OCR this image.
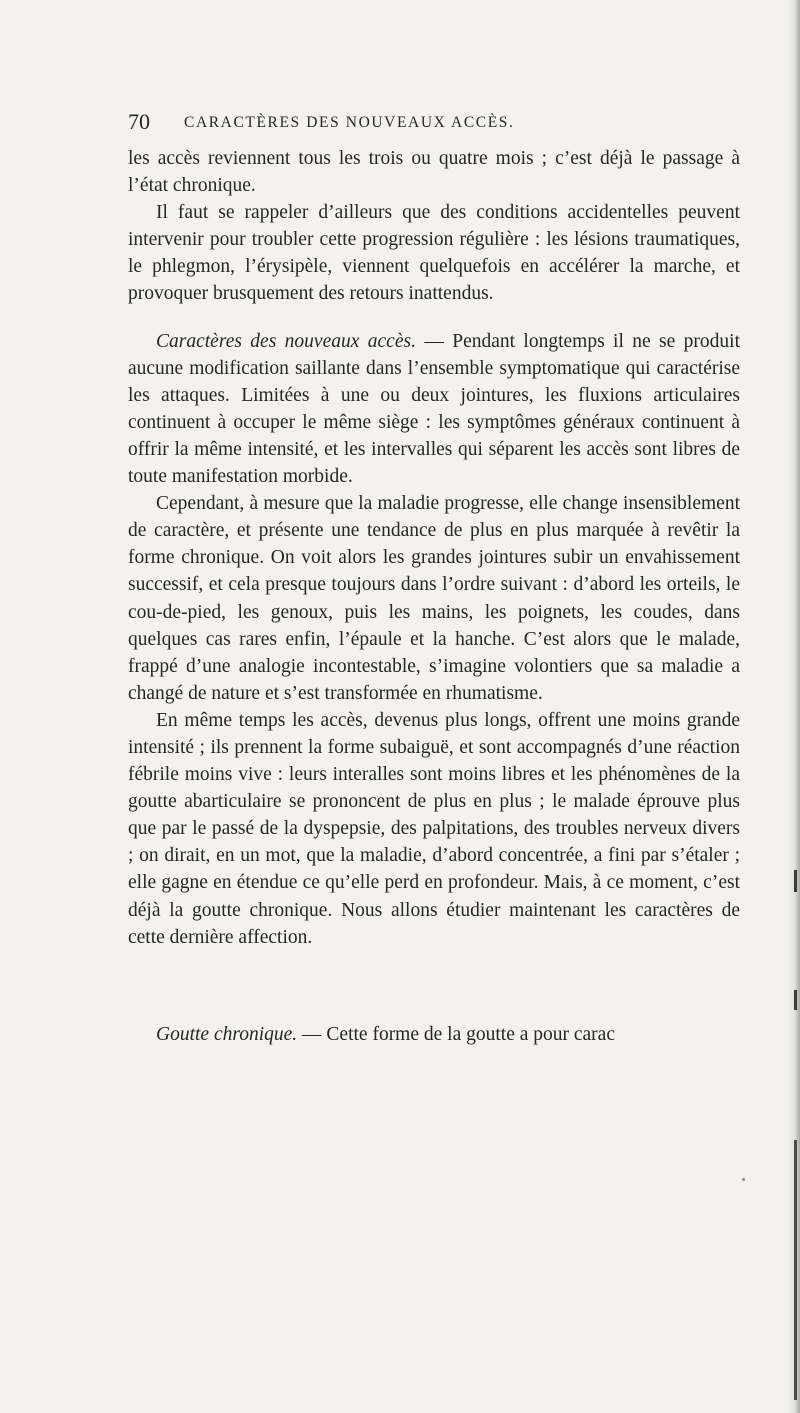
70 CARACTÈRES DES NOUVEAUX ACCÈS.

les accès reviennent tous les trois ou quatre mois ; c’est déjà le passage à l’état chronique.

Il faut se rappeler d’ailleurs que des conditions accidentelles peuvent intervenir pour troubler cette progression régulière : les lésions traumatiques, le phlegmon, l’érysipèle, viennent quelquefois en accélérer la marche, et provoquer brusquement des retours inattendus.

Caractères des nouveaux accès. — Pendant longtemps il ne se produit aucune modification saillante dans l’ensemble symptomatique qui caractérise les attaques. Limitées à une ou deux jointures, les fluxions articulaires continuent à occuper le même siège : les symptômes généraux continuent à offrir la même intensité, et les intervalles qui séparent les accès sont libres de toute manifestation morbide.

Cependant, à mesure que la maladie progresse, elle change insensiblement de caractère, et présente une tendance de plus en plus marquée à revêtir la forme chronique. On voit alors les grandes jointures subir un envahissement successif, et cela presque toujours dans l’ordre suivant : d’abord les orteils, le cou-de-pied, les genoux, puis les mains, les poignets, les coudes, dans quelques cas rares enfin, l’épaule et la hanche. C’est alors que le malade, frappé d’une analogie incontestable, s’imagine volontiers que sa maladie a changé de nature et s’est transformée en rhumatisme.

En même temps les accès, devenus plus longs, offrent une moins grande intensité ; ils prennent la forme subaiguë, et sont accompagnés d’une réaction fébrile moins vive : leurs interalles sont moins libres et les phénomènes de la goutte abarticulaire se prononcent de plus en plus ; le malade éprouve plus que par le passé de la dyspepsie, des palpitations, des troubles nerveux divers ; on dirait, en un mot, que la maladie, d’abord concentrée, a fini par s’étaler ; elle gagne en étendue ce qu’elle perd en profondeur. Mais, à ce moment, c’est déjà la goutte chronique. Nous allons étudier maintenant les caractères de cette dernière affection.

Goutte chronique. — Cette forme de la goutte a pour carac
